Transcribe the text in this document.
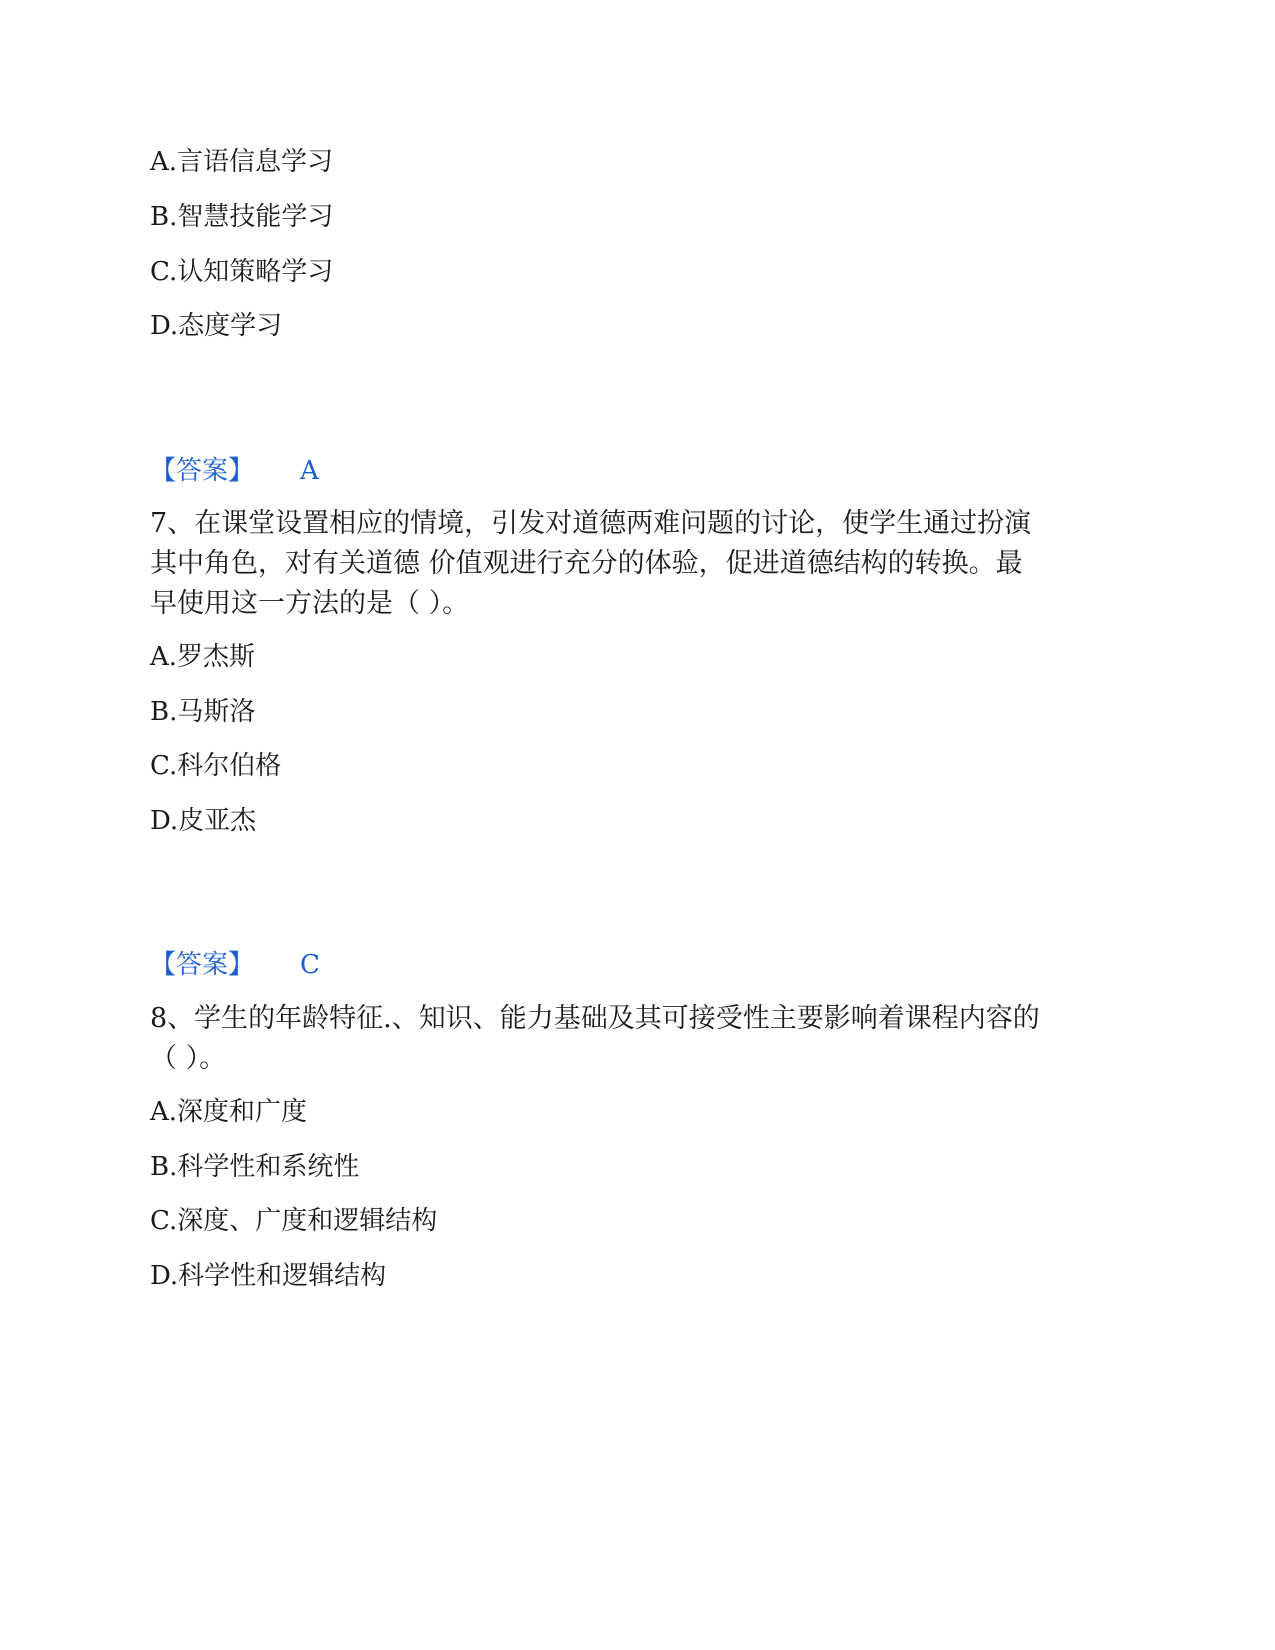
A.言语信息学习
B.智慧技能学习
C.认知策略学习
D.态度学习
【答案】 A
7、在课堂设置相应的情境，引发对道德两难问题的讨论，使学生通过扮演
其中角色，对有关道德 价值观进行充分的体验，促进道德结构的转换。最
早使用这一方法的是（ ）。
A.罗杰斯
B.马斯洛
C.科尔伯格
D.皮亚杰
【答案】 C
8、学生的年龄特征.、知识、能力基础及其可接受性主要影响着课程内容的
（ ）。
A.深度和广度
B.科学性和系统性
C.深度、广度和逻辑结构
D.科学性和逻辑结构
